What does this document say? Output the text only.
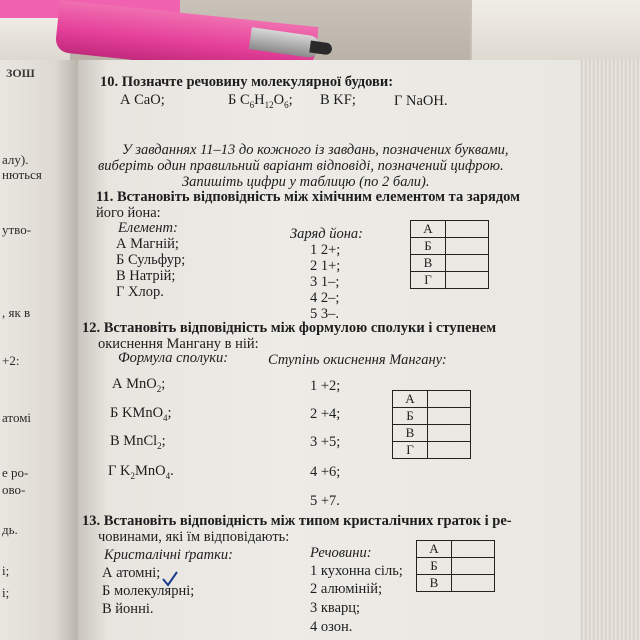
ЗОШ
алу).
нються
утво-
, як в
+2:
атомі
е ро-
ово-
дь.
і;
і;
10. Позначте речовину молекулярної будови:
А CaO;	Б $C_6H_{12}O_6$; В KF;	Г NaOH.
У завданнях 11–13 до кожного із завдань, позначених буквами,
виберіть один правильний варіант відповіді, позначений цифрою.
Запишіть цифри у таблицю (по 2 бали).
11. Встановіть відповідність між хімічним елементом та зарядом
його йона:
Елемент:
А Магній;
Б Сульфур;
В Натрій;
Г Хлор.
Заряд йона:
1 2+;
2 1+;
3 1–;
4 2–;
5 3–.
А	
Б	
В	
Г	
12. Встановіть відповідність між формулою сполуки і ступенем
окиснення Мангану в ній:
Формула сполуки:	Ступінь окиснення Мангану:
А MnO$_2$;
Б KMnO$_4$;
В MnCl$_2$;
Г $K_2MnO_4$.
1 +2;
2 +4;
3 +5;
4 +6;
5 +7.
А	
Б	
В	
Г	
13. Встановіть відповідність між типом кристалічних граток і ре-
човинами, які їм відповідають:
Кристалічні ґратки:
А атомні;
Б молекулярні;
В йонні.
Речовини:
1 кухонна сіль;
2 алюміній;
3 кварц;
4 озон.
А	
Б	
В	
